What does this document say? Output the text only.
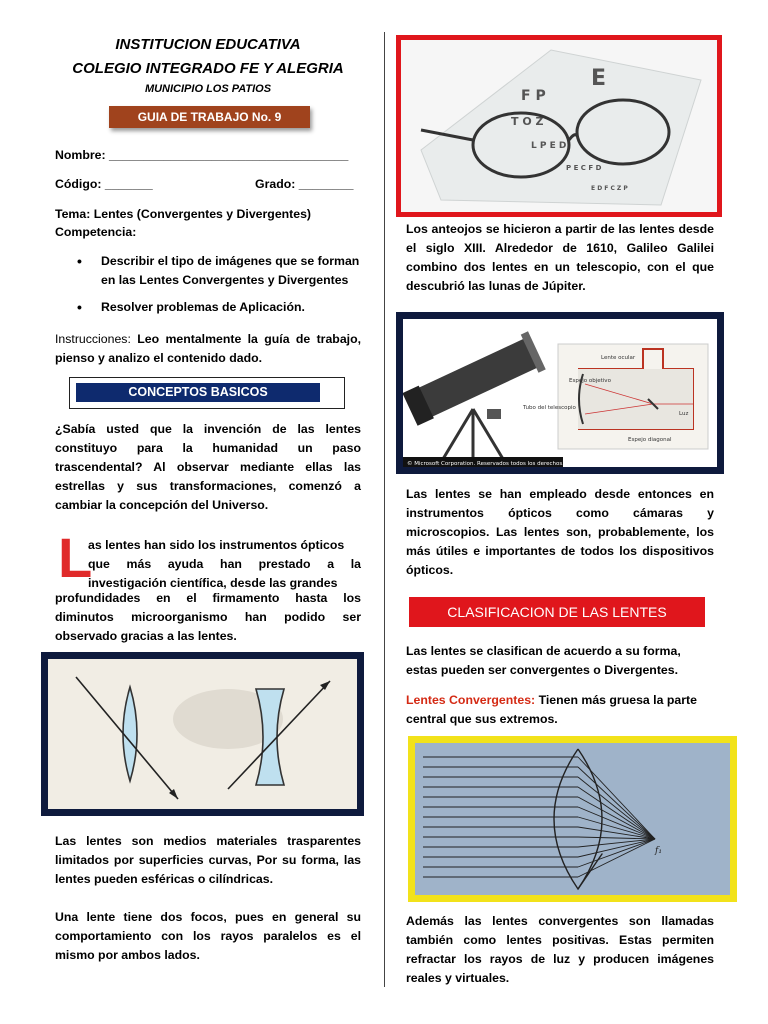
INSTITUCION EDUCATIVA
COLEGIO INTEGRADO FE Y ALEGRIA
MUNICIPIO LOS PATIOS
GUIA DE TRABAJO No. 9
Nombre: ___________________________________
Código: _______	Grado: ________
Tema: Lentes (Convergentes y Divergentes)
Competencia:
• Describir el tipo de imágenes que se forman en las Lentes Convergentes y Divergentes
• Resolver problemas de Aplicación.
Instrucciones: Leo mentalmente la guía de trabajo, pienso y analizo el contenido dado.
CONCEPTOS BASICOS
¿Sabía usted que la invención de las lentes constituyo para la humanidad un paso trascendental? Al observar mediante ellas las estrellas y sus transformaciones, comenzó a cambiar la concepción del Universo.
L
as lentes han sido los instrumentos ópticos
que más ayuda han prestado a la
investigación científica, desde las grandes
profundidades en el firmamento hasta los diminutos microorganismo han podido ser observado gracias a las lentes.
Las lentes son medios materiales trasparentes limitados por superficies curvas, Por su forma, las lentes pueden esféricas o cilíndricas.
Una lente tiene dos focos, pues en general su comportamiento con los rayos paralelos es el mismo por ambos lados.
E
F P
T O Z
L P E D
P E C F D
E D F C Z P
Los anteojos se hicieron a partir de las lentes desde el siglo XIII. Alrededor de 1610, Galileo Galilei combino dos lentes en un telescopio, con el que descubrió las lunas de Júpiter.
© Microsoft Corporation. Reservados todos los derechos.
Lente ocular
Espejo objetivo
Tubo del telescopio
Luz
Espejo diagonal
Las lentes se han empleado desde entonces en instrumentos ópticos como cámaras y microscopios. Las lentes son, probablemente, los más útiles e importantes de todos los dispositivos ópticos.
CLASIFICACION DE LAS LENTES
Las lentes se clasifican de acuerdo a su forma, estas pueden ser convergentes o Divergentes.
Lentes Convergentes: Tienen más gruesa la parte central que sus extremos.
f₁
Además las lentes convergentes son llamadas también como lentes positivas. Estas permiten refractar los rayos de luz y producen imágenes reales y virtuales.
